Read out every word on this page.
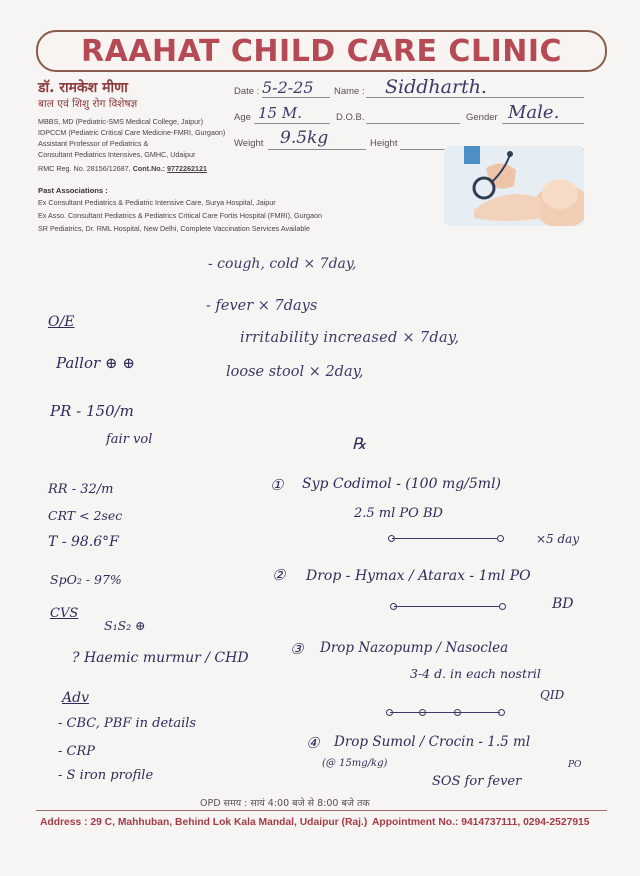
RAAHAT CHILD CARE CLINIC
डॉ. रामकेश मीणा
बाल एवं शिशु रोग विशेषज्ञ
MBBS, MD (Pediatric-SMS Medical College, Jaipur)
IDPCCM (Pediatric Critical Care Medicine-FMRI, Gurgaon)
Assistant Professor of Pediatrics &
Consultant Pediatrics Intensives, GMHC, Udaipur
RMC Reg. No. 28156/12687, Cont.No.: 9772262121
Past Associations :
Ex Consultant Pediatrics & Pediatric Intensive Care, Surya Hospital, Jaipur
Ex Asso. Consultant Pediatrics & Pediatrics Critical Care Fortis Hospital (FMRI), Gurgaon
SR Pediatrics, Dr. RML Hospital, New Delhi, Complete Vaccination Services Available
Date : 5-2-25 Name : Siddharth.
Age 15 M.	D.O.B.	Gender Male.
Weight 9.5kg	Height
- cough, cold × 7day,
- fever × 7days
irritability increased × 7day,
loose stool × 2day,
O/E
Pallor ⊕ ⊕
PR - 150/m
fair vol
RR - 32/m
CRT < 2sec
T - 98.6°F
SpO₂ - 97%
CVS
S₁S₂ ⊕
? Haemic murmur / CHD
Adv
- CBC, PBF in details
- CRP
- S iron profile
℞
① Syp Codimol - (100 mg/5ml)
2.5 ml PO BD
×5 day
② Drop - Hymax / Atarax - 1ml PO
BD
③ Drop Nazopump / Nasoclea
3-4 d. in each nostril
QID
④ Drop Sumol / Crocin - 1.5 ml
(@ 15mg/kg)	PO
SOS for fever
OPD समय : सायं 4:00 बजे से 8:00 बजे तक
Address : 29 C, Mahhuban, Behind Lok Kala Mandal, Udaipur (Raj.) Appointment No.: 9414737111, 0294-2527915
